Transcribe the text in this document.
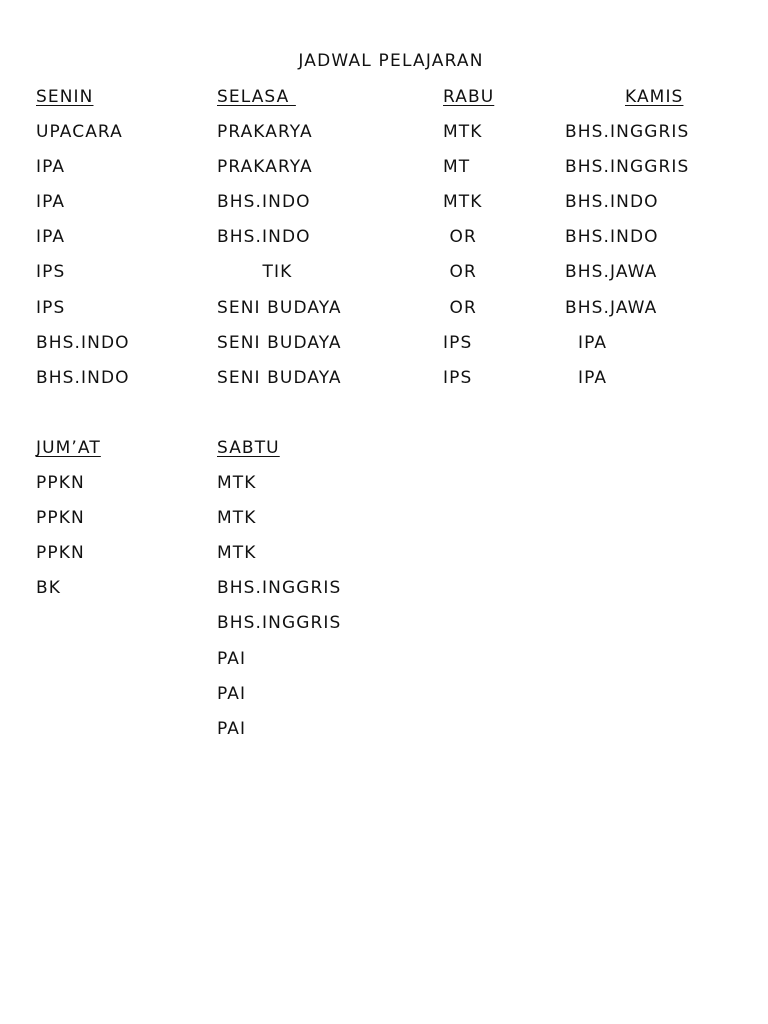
JADWAL PELAJARAN
SENIN
UPACARA
IPA
IPA
IPA
IPS
IPS
BHS.INDO
BHS.INDO
SELASA
PRAKARYA
PRAKARYA
BHS.INDO
BHS.INDO
TIK
SENI BUDAYA
SENI BUDAYA
SENI BUDAYA
RABU
MTK
MT
MTK
OR
OR
OR
IPS
IPS
KAMIS
BHS.INGGRIS
BHS.INGGRIS
BHS.INDO
BHS.INDO
BHS.JAWA
BHS.JAWA
IPA
IPA
JUM’AT
PPKN
PPKN
PPKN
BK
SABTU
MTK
MTK
MTK
BHS.INGGRIS
BHS.INGGRIS
PAI
PAI
PAI
